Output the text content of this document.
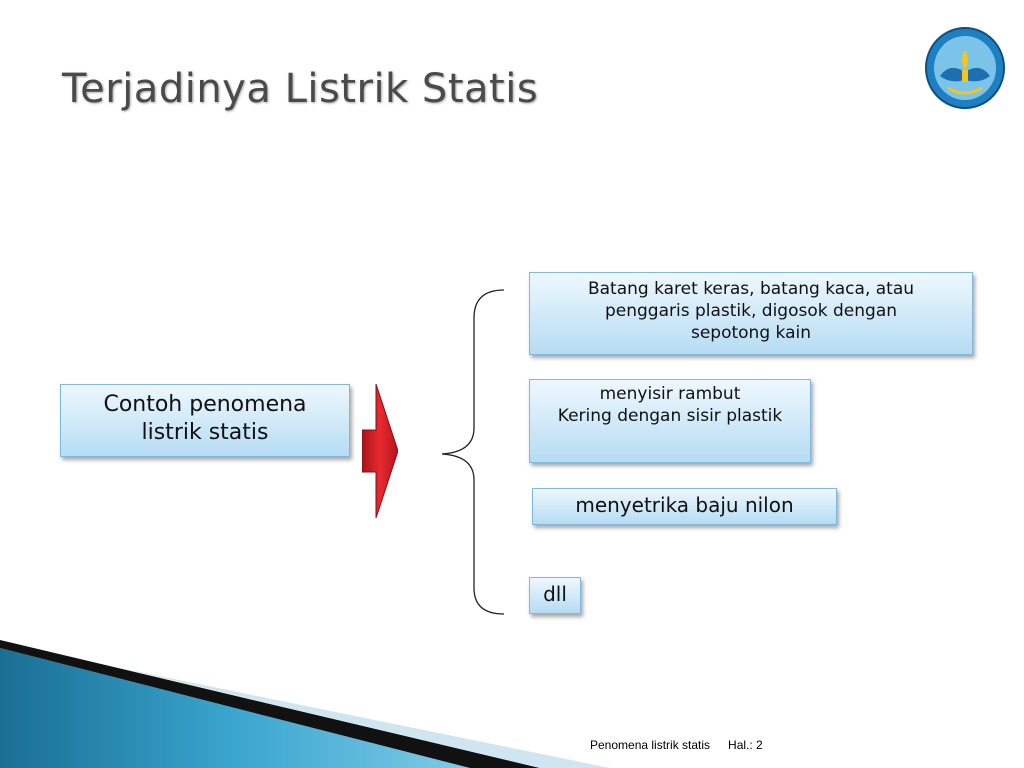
Terjadinya Listrik Statis
Contoh penomena
listrik statis
Batang karet keras, batang kaca, atau
penggaris plastik, digosok dengan
sepotong kain
menyisir rambut
Kering dengan sisir plastik
menyetrika baju nilon
dll
Penomena listrik statis Hal.: 2
